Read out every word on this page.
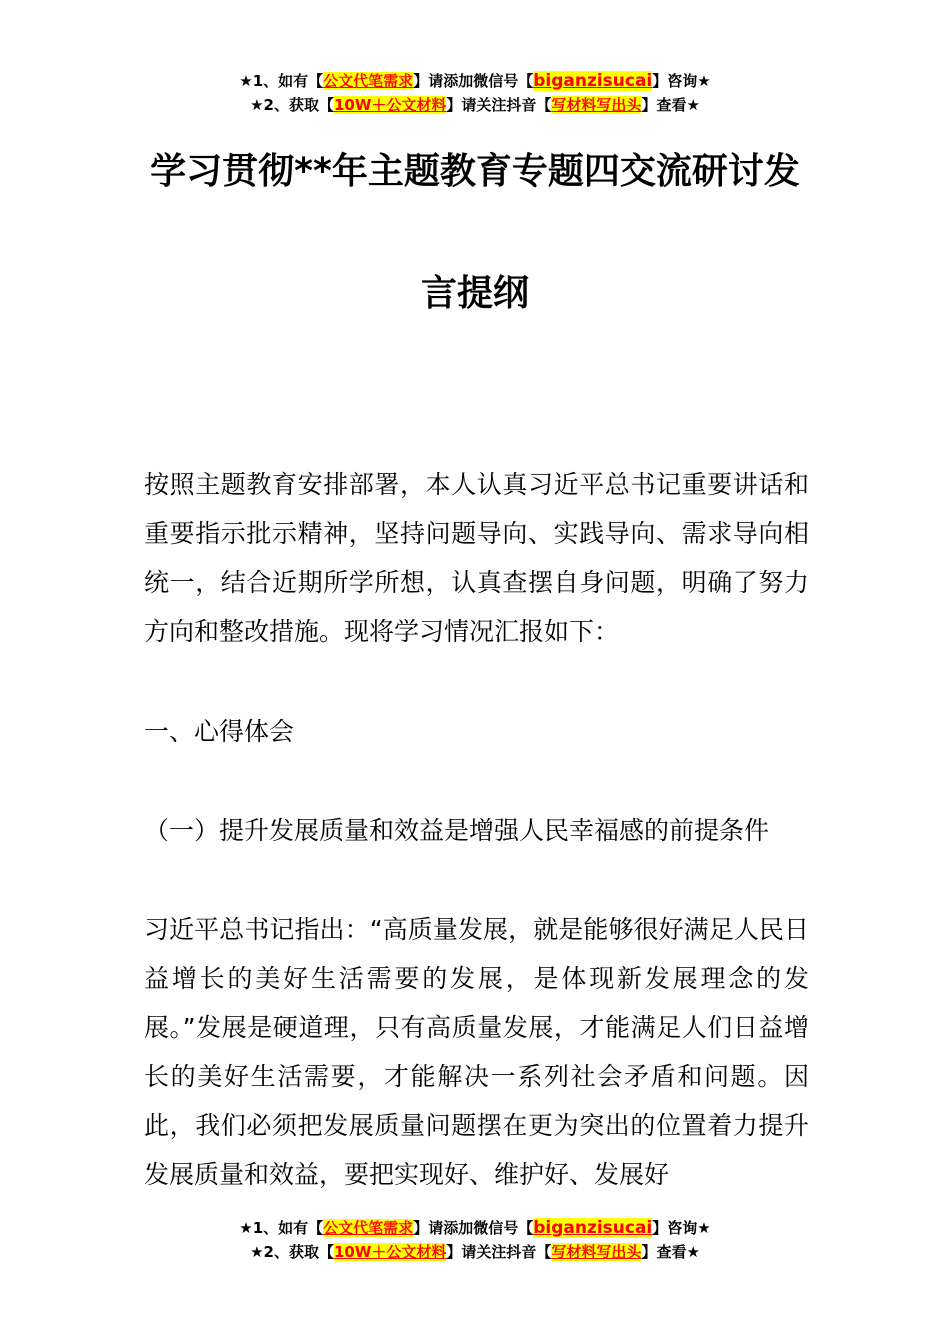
★1、如有【公文代笔需求】请添加微信号【biganzisucai】咨询★
★2、获取【10W＋公文材料】请关注抖音【写材料写出头】查看★
学习贯彻**年主题教育专题四交流研讨发
言提纲
按照主题教育安排部署，本人认真习近平总书记重要讲话和重要指示批示精神，坚持问题导向、实践导向、需求导向相统一，结合近期所学所想，认真查摆自身问题，明确了努力方向和整改措施。现将学习情况汇报如下：
一、心得体会
（一）提升发展质量和效益是增强人民幸福感的前提条件
习近平总书记指出：“高质量发展，就是能够很好满足人民日益增长的美好生活需要的发展，是体现新发展理念的发展。”发展是硬道理，只有高质量发展，才能满足人们日益增长的美好生活需要，才能解决一系列社会矛盾和问题。因此，我们必须把发展质量问题摆在更为突出的位置着力提升发展质量和效益，要把实现好、维护好、发展好
★1、如有【公文代笔需求】请添加微信号【biganzisucai】咨询★
★2、获取【10W＋公文材料】请关注抖音【写材料写出头】查看★
